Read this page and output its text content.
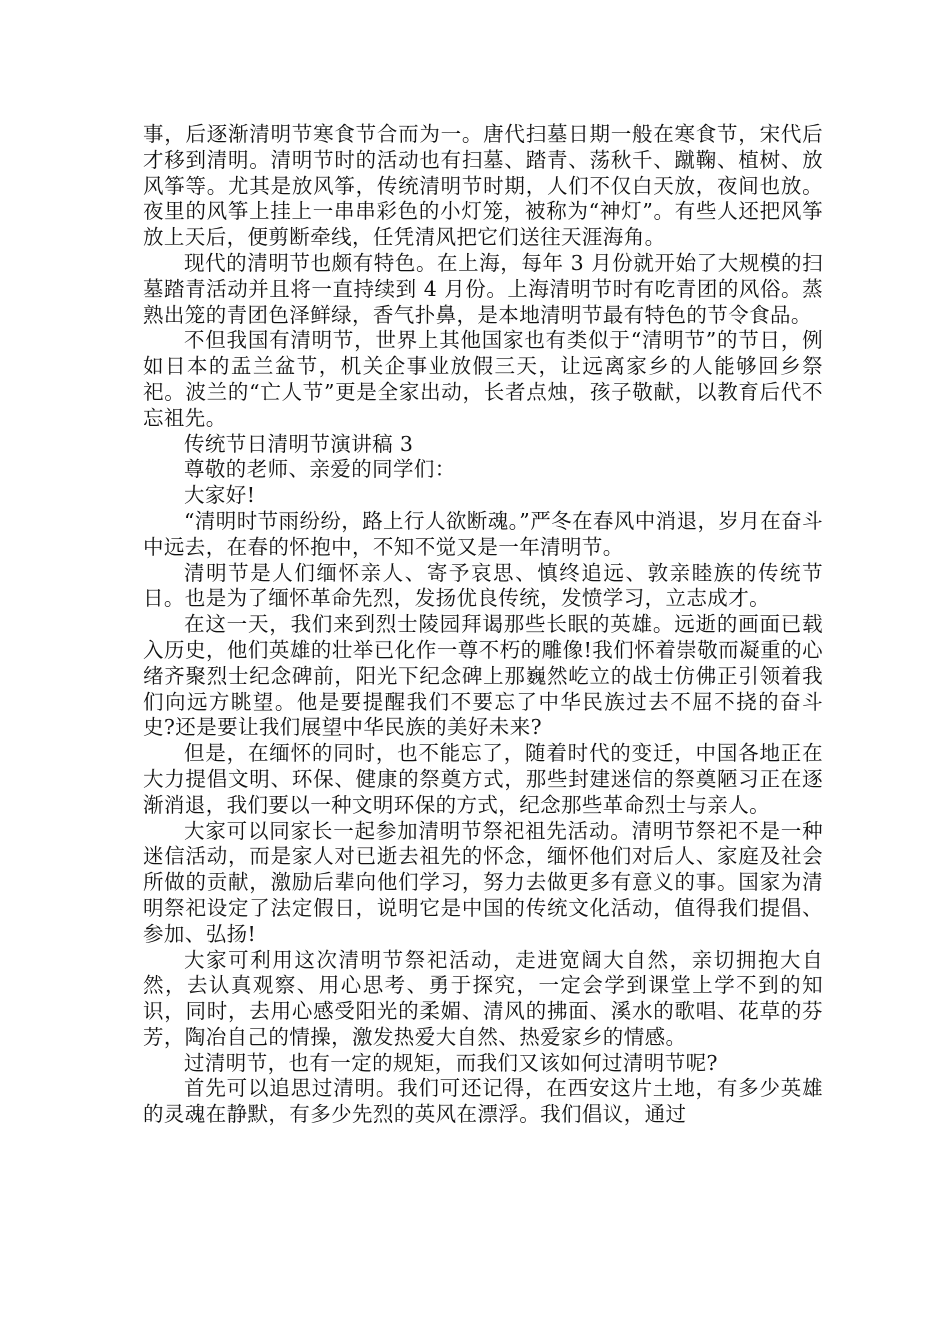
事，后逐渐清明节寒食节合而为一。唐代扫墓日期一般在寒食节，宋代后才移到清明。清明节时的活动也有扫墓、踏青、荡秋千、蹴鞠、植树、放风筝等。尤其是放风筝，传统清明节时期，人们不仅白天放，夜间也放。夜里的风筝上挂上一串串彩色的小灯笼，被称为“神灯”。有些人还把风筝放上天后，便剪断牵线，任凭清风把它们送往天涯海角。

现代的清明节也颇有特色。在上海，每年 3 月份就开始了大规模的扫墓踏青活动并且将一直持续到 4 月份。上海清明节时有吃青团的风俗。蒸熟出笼的青团色泽鲜绿，香气扑鼻，是本地清明节最有特色的节令食品。

不但我国有清明节，世界上其他国家也有类似于“清明节”的节日，例如日本的盂兰盆节，机关企事业放假三天，让远离家乡的人能够回乡祭祀。波兰的“亡人节”更是全家出动，长者点烛，孩子敬献，以教育后代不忘祖先。

传统节日清明节演讲稿 3

尊敬的老师、亲爱的同学们：

大家好!

“清明时节雨纷纷，路上行人欲断魂。”严冬在春风中消退，岁月在奋斗中远去，在春的怀抱中，不知不觉又是一年清明节。

清明节是人们缅怀亲人、寄予哀思、慎终追远、敦亲睦族的传统节日。也是为了缅怀革命先烈，发扬优良传统，发愤学习，立志成才。

在这一天，我们来到烈士陵园拜谒那些长眠的英雄。远逝的画面已载入历史，他们英雄的壮举已化作一尊不朽的雕像!我们怀着崇敬而凝重的心绪齐聚烈士纪念碑前，阳光下纪念碑上那巍然屹立的战士仿佛正引领着我们向远方眺望。他是要提醒我们不要忘了中华民族过去不屈不挠的奋斗史?还是要让我们展望中华民族的美好未来?

但是，在缅怀的同时，也不能忘了，随着时代的变迁，中国各地正在大力提倡文明、环保、健康的祭奠方式，那些封建迷信的祭奠陋习正在逐渐消退，我们要以一种文明环保的方式，纪念那些革命烈士与亲人。

大家可以同家长一起参加清明节祭祀祖先活动。清明节祭祀不是一种迷信活动，而是家人对已逝去祖先的怀念，缅怀他们对后人、家庭及社会所做的贡献，激励后辈向他们学习，努力去做更多有意义的事。国家为清明祭祀设定了法定假日，说明它是中国的传统文化活动，值得我们提倡、参加、弘扬!

大家可利用这次清明节祭祀活动，走进宽阔大自然，亲切拥抱大自然，去认真观察、用心思考、勇于探究，一定会学到课堂上学不到的知识，同时，去用心感受阳光的柔媚、清风的拂面、溪水的歌唱、花草的芬芳，陶冶自己的情操，激发热爱大自然、热爱家乡的情感。

过清明节，也有一定的规矩，而我们又该如何过清明节呢?

首先可以追思过清明。我们可还记得，在西安这片土地，有多少英雄的灵魂在静默，有多少先烈的英风在漂浮。我们倡议，通过
